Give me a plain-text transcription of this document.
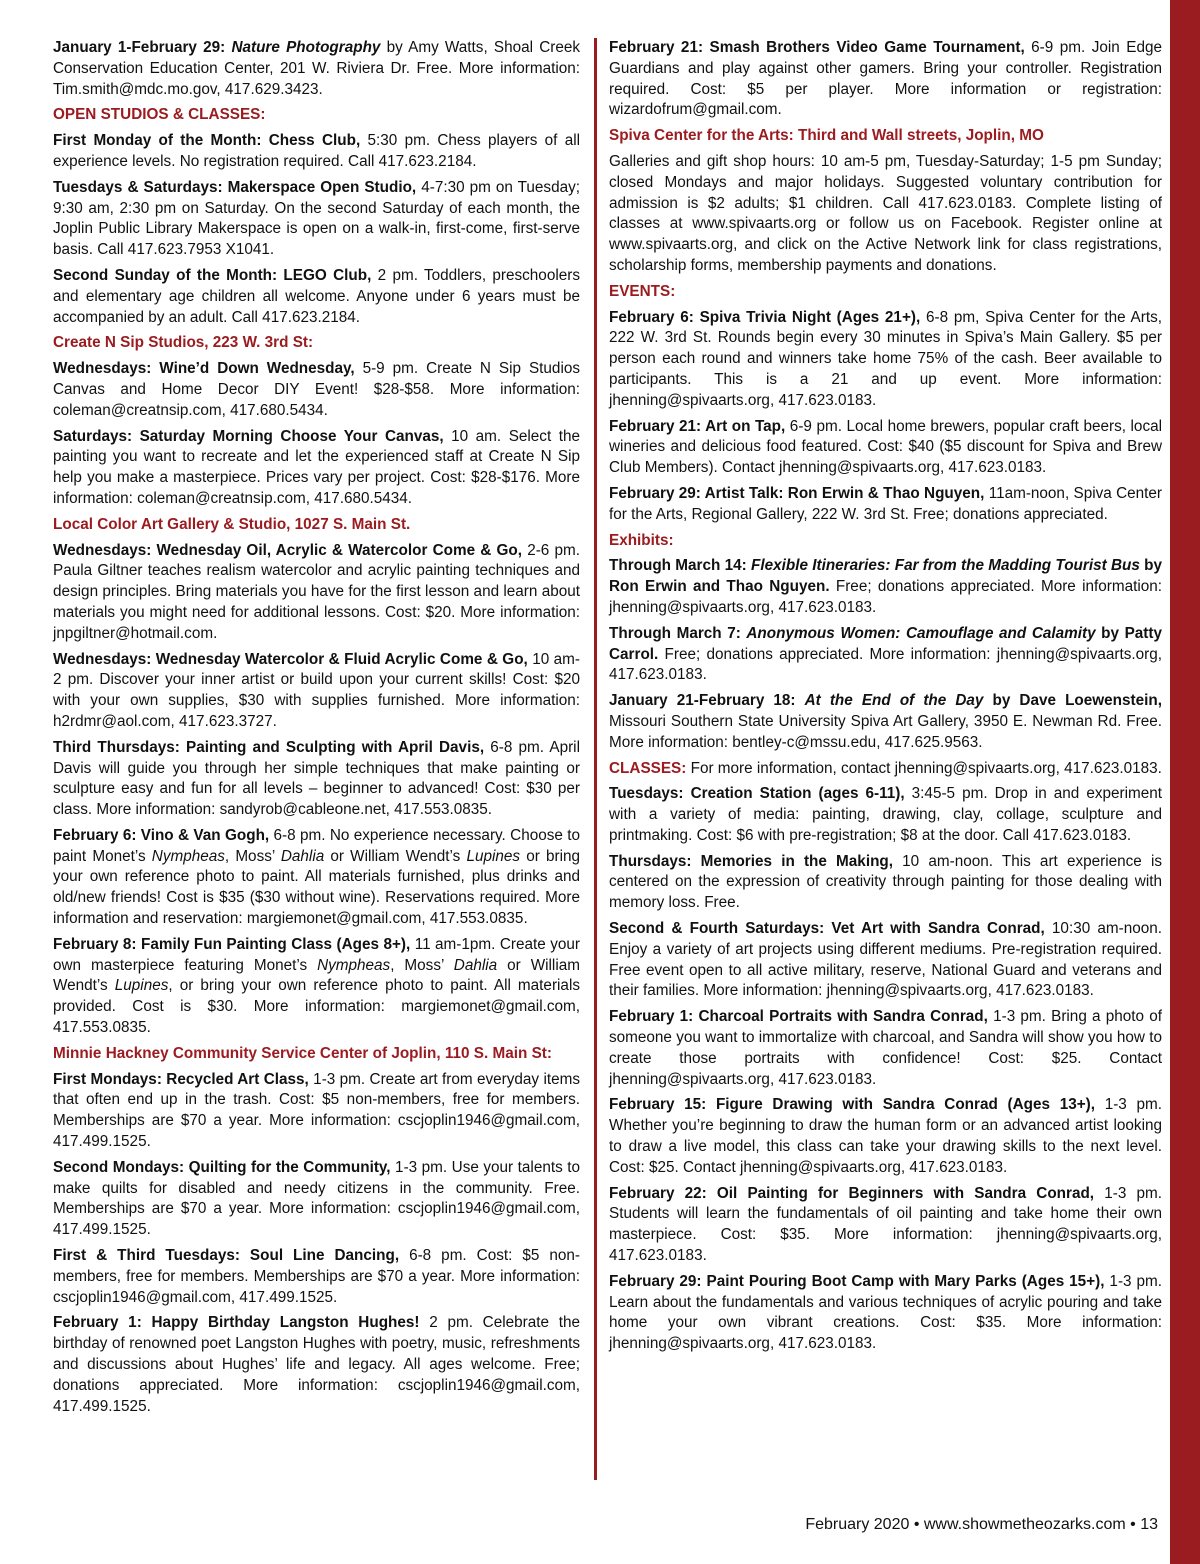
January 1-February 29: Nature Photography by Amy Watts, Shoal Creek Conservation Education Center, 201 W. Riviera Dr. Free. More information: Tim.smith@mdc.mo.gov, 417.629.3423.
OPEN STUDIOS & CLASSES:
First Monday of the Month: Chess Club, 5:30 pm. Chess players of all experience levels. No registration required. Call 417.623.2184.
Tuesdays & Saturdays: Makerspace Open Studio, 4-7:30 pm on Tuesday; 9:30 am, 2:30 pm on Saturday. On the second Saturday of each month, the Joplin Public Library Makerspace is open on a walk-in, first-come, first-serve basis. Call 417.623.7953 X1041.
Second Sunday of the Month: LEGO Club, 2 pm. Toddlers, preschoolers and elementary age children all welcome. Anyone under 6 years must be accompanied by an adult. Call 417.623.2184.
Create N Sip Studios, 223 W. 3rd St:
Wednesdays: Wine’d Down Wednesday, 5-9 pm. Create N Sip Studios Canvas and Home Decor DIY Event! $28-$58. More information: coleman@creatnsip.com, 417.680.5434.
Saturdays: Saturday Morning Choose Your Canvas, 10 am. Select the painting you want to recreate and let the experienced staff at Create N Sip help you make a masterpiece. Prices vary per project. Cost: $28-$176. More information: coleman@creatnsip.com, 417.680.5434.
Local Color Art Gallery & Studio, 1027 S. Main St.
Wednesdays: Wednesday Oil, Acrylic & Watercolor Come & Go, 2-6 pm. Paula Giltner teaches realism watercolor and acrylic painting techniques and design principles. Bring materials you have for the first lesson and learn about materials you might need for additional lessons. Cost: $20. More information: jnpgiltner@hotmail.com.
Wednesdays: Wednesday Watercolor & Fluid Acrylic Come & Go, 10 am-2 pm. Discover your inner artist or build upon your current skills! Cost: $20 with your own supplies, $30 with supplies furnished. More information: h2rdmr@aol.com, 417.623.3727.
Third Thursdays: Painting and Sculpting with April Davis, 6-8 pm. April Davis will guide you through her simple techniques that make painting or sculpture easy and fun for all levels – beginner to advanced! Cost: $30 per class. More information: sandyrob@cableone.net, 417.553.0835.
February 6: Vino & Van Gogh, 6-8 pm. No experience necessary. Choose to paint Monet’s Nympheas, Moss’ Dahlia or William Wendt’s Lupines or bring your own reference photo to paint. All materials furnished, plus drinks and old/new friends! Cost is $35 ($30 without wine). Reservations required. More information and reservation: margiemonet@gmail.com, 417.553.0835.
February 8: Family Fun Painting Class (Ages 8+), 11 am-1pm. Create your own masterpiece featuring Monet’s Nympheas, Moss’ Dahlia or William Wendt’s Lupines, or bring your own reference photo to paint. All materials provided. Cost is $30. More information: margiemonet@gmail.com, 417.553.0835.
Minnie Hackney Community Service Center of Joplin, 110 S. Main St:
First Mondays: Recycled Art Class, 1-3 pm. Create art from everyday items that often end up in the trash. Cost: $5 non-members, free for members. Memberships are $70 a year. More information: cscjoplin1946@gmail.com, 417.499.1525.
Second Mondays: Quilting for the Community, 1-3 pm. Use your talents to make quilts for disabled and needy citizens in the community. Free. Memberships are $70 a year. More information: cscjoplin1946@gmail.com, 417.499.1525.
First & Third Tuesdays: Soul Line Dancing, 6-8 pm. Cost: $5 non-members, free for members. Memberships are $70 a year. More information: cscjoplin1946@gmail.com, 417.499.1525.
February 1: Happy Birthday Langston Hughes! 2 pm. Celebrate the birthday of renowned poet Langston Hughes with poetry, music, refreshments and discussions about Hughes’ life and legacy. All ages welcome. Free; donations appreciated. More information: cscjoplin1946@gmail.com, 417.499.1525.
February 21: Smash Brothers Video Game Tournament, 6-9 pm. Join Edge Guardians and play against other gamers. Bring your controller. Registration required. Cost: $5 per player. More information or registration: wizardofrum@gmail.com.
Spiva Center for the Arts: Third and Wall streets, Joplin, MO
Galleries and gift shop hours: 10 am-5 pm, Tuesday-Saturday; 1-5 pm Sunday; closed Mondays and major holidays. Suggested voluntary contribution for admission is $2 adults; $1 children. Call 417.623.0183. Complete listing of classes at www.spivaarts.org or follow us on Facebook. Register online at www.spivaarts.org, and click on the Active Network link for class registrations, scholarship forms, membership payments and donations.
EVENTS:
February 6: Spiva Trivia Night (Ages 21+), 6-8 pm, Spiva Center for the Arts, 222 W. 3rd St. Rounds begin every 30 minutes in Spiva’s Main Gallery. $5 per person each round and winners take home 75% of the cash. Beer available to participants. This is a 21 and up event. More information: jhenning@spivaarts.org, 417.623.0183.
February 21: Art on Tap, 6-9 pm. Local home brewers, popular craft beers, local wineries and delicious food featured. Cost: $40 ($5 discount for Spiva and Brew Club Members). Contact jhenning@spivaarts.org, 417.623.0183.
February 29: Artist Talk: Ron Erwin & Thao Nguyen, 11am-noon, Spiva Center for the Arts, Regional Gallery, 222 W. 3rd St. Free; donations appreciated.
Exhibits:
Through March 14: Flexible Itineraries: Far from the Madding Tourist Bus by Ron Erwin and Thao Nguyen. Free; donations appreciated. More information: jhenning@spivaarts.org, 417.623.0183.
Through March 7: Anonymous Women: Camouflage and Calamity by Patty Carrol. Free; donations appreciated. More information: jhenning@spivaarts.org, 417.623.0183.
January 21-February 18: At the End of the Day by Dave Loewenstein, Missouri Southern State University Spiva Art Gallery, 3950 E. Newman Rd. Free. More information: bentley-c@mssu.edu, 417.625.9563.
CLASSES: For more information, contact jhenning@spivaarts.org, 417.623.0183.
Tuesdays: Creation Station (ages 6-11), 3:45-5 pm. Drop in and experiment with a variety of media: painting, drawing, clay, collage, sculpture and printmaking. Cost: $6 with pre-registration; $8 at the door. Call 417.623.0183.
Thursdays: Memories in the Making, 10 am-noon. This art experience is centered on the expression of creativity through painting for those dealing with memory loss. Free.
Second & Fourth Saturdays: Vet Art with Sandra Conrad, 10:30 am-noon. Enjoy a variety of art projects using different mediums. Pre-registration required. Free event open to all active military, reserve, National Guard and veterans and their families. More information: jhenning@spivaarts.org, 417.623.0183.
February 1: Charcoal Portraits with Sandra Conrad, 1-3 pm. Bring a photo of someone you want to immortalize with charcoal, and Sandra will show you how to create those portraits with confidence! Cost: $25. Contact jhenning@spivaarts.org, 417.623.0183.
February 15: Figure Drawing with Sandra Conrad (Ages 13+), 1-3 pm. Whether you’re beginning to draw the human form or an advanced artist looking to draw a live model, this class can take your drawing skills to the next level. Cost: $25. Contact jhenning@spivaarts.org, 417.623.0183.
February 22: Oil Painting for Beginners with Sandra Conrad, 1-3 pm. Students will learn the fundamentals of oil painting and take home their own masterpiece. Cost: $35. More information: jhenning@spivaarts.org, 417.623.0183.
February 29: Paint Pouring Boot Camp with Mary Parks (Ages 15+), 1-3 pm. Learn about the fundamentals and various techniques of acrylic pouring and take home your own vibrant creations. Cost: $35. More information: jhenning@spivaarts.org, 417.623.0183.
February 2020 • www.showmetheozarks.com • 13
